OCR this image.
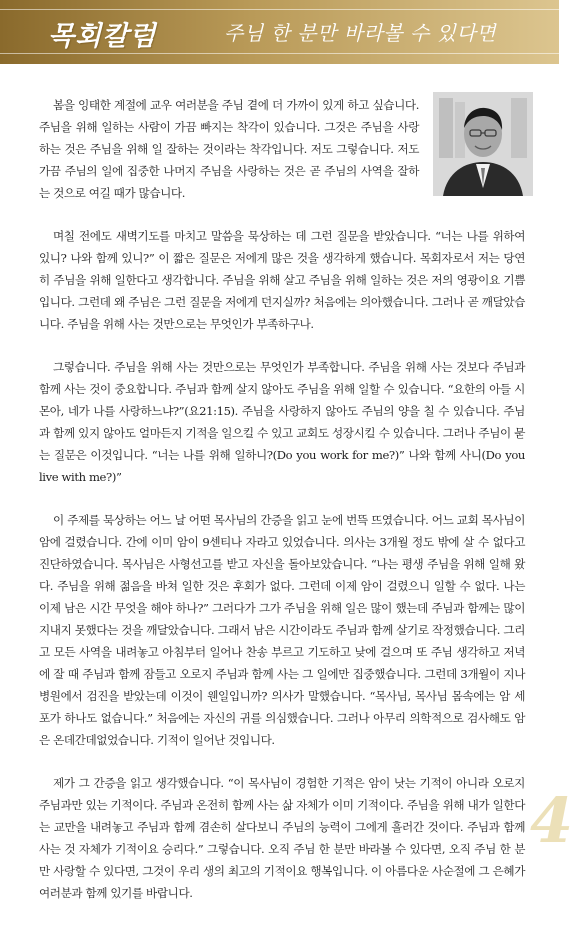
목회칼럼	주님 한 분만 바라볼 수 있다면

봄을 잉태한 계절에 교우 여러분을 주님 곁에 더 가까이 있게 하고 싶습니다. 주님을 위해 일하는 사람이 가끔 빠지는 착각이 있습니다. 그것은 주님을 사랑하는 것은 주님을 위해 일 잘하는 것이라는 착각입니다. 저도 그렇습니다. 저도 가끔 주님의 일에 집중한 나머지 주님을 사랑하는 것은 곧 주님의 사역을 잘하는 것으로 여길 때가 많습니다.

며칠 전에도 새벽기도를 마치고 말씀을 묵상하는 데 그런 질문을 받았습니다. “너는 나를 위하여 있니? 나와 함께 있니?” 이 짧은 질문은 저에게 많은 것을 생각하게 했습니다. 목회자로서 저는 당연히 주님을 위해 일한다고 생각합니다. 주님을 위해 살고 주님을 위해 일하는 것은 저의 영광이요 기쁨입니다. 그런데 왜 주님은 그런 질문을 저에게 던지실까? 처음에는 의아했습니다. 그러나 곧 깨달았습니다. 주님을 위해 사는 것만으로는 무엇인가 부족하구나.

그렇습니다. 주님을 위해 사는 것만으로는 무엇인가 부족합니다. 주님을 위해 사는 것보다 주님과 함께 사는 것이 중요합니다. 주님과 함께 살지 않아도 주님을 위해 일할 수 있습니다. “요한의 아들 시몬아, 네가 나를 사랑하느냐?”(요21:15). 주님을 사랑하지 않아도 주님의 양을 칠 수 있습니다. 주님과 함께 있지 않아도 얼마든지 기적을 일으킬 수 있고 교회도 성장시킬 수 있습니다. 그러나 주님이 묻는 질문은 이것입니다. “너는 나를 위해 일하니?(Do you work for me?)” 나와 함께 사니(Do you live with me?)”

이 주제를 묵상하는 어느 날 어떤 목사님의 간증을 읽고 눈에 번뜩 뜨였습니다. 어느 교회 목사님이 암에 걸렸습니다. 간에 이미 암이 9센티나 자라고 있었습니다. 의사는 3개월 정도 밖에 살 수 없다고 진단하였습니다. 목사님은 사형선고를 받고 자신을 돌아보았습니다. “나는 평생 주님을 위해 일해 왔다. 주님을 위해 젊음을 바쳐 일한 것은 후회가 없다. 그런데 이제 암이 걸렸으니 일할 수 없다. 나는 이제 남은 시간 무엇을 해야 하나?” 그러다가 그가 주님을 위해 일은 많이 했는데 주님과 함께는 많이 지내지 못했다는 것을 깨달았습니다. 그래서 남은 시간이라도 주님과 함께 살기로 작정했습니다. 그리고 모든 사역을 내려놓고 아침부터 일어나 찬송 부르고 기도하고 낮에 걸으며 또 주님 생각하고 저녁에 잘 때 주님과 함께 잠들고 오로지 주님과 함께 사는 그 일에만 집중했습니다. 그런데 3개월이 지나 병원에서 검진을 받았는데 이것이 웬일입니까? 의사가 말했습니다. “목사님, 목사님 몸속에는 암 세포가 하나도 없습니다.” 처음에는 자신의 귀를 의심했습니다. 그러나 아무리 의학적으로 검사해도 암은 온데간데없었습니다. 기적이 일어난 것입니다.

제가 그 간증을 읽고 생각했습니다. “이 목사님이 경험한 기적은 암이 낫는 기적이 아니라 오로지 주님과만 있는 기적이다. 주님과 온전히 함께 사는 삶 자체가 이미 기적이다. 주님을 위해 내가 일한다는 교만을 내려놓고 주님과 함께 겸손히 살다보니 주님의 능력이 그에게 흘러간 것이다. 주님과 함께 사는 것 자체가 기적이요 승리다.” 그렇습니다. 오직 주님 한 분만 바라볼 수 있다면, 오직 주님 한 분만 사랑할 수 있다면, 그것이 우리 생의 최고의 기적이요 행복입니다. 이 아름다운 사순절에 그 은혜가 여러분과 함께 있기를 바랍니다.

4
